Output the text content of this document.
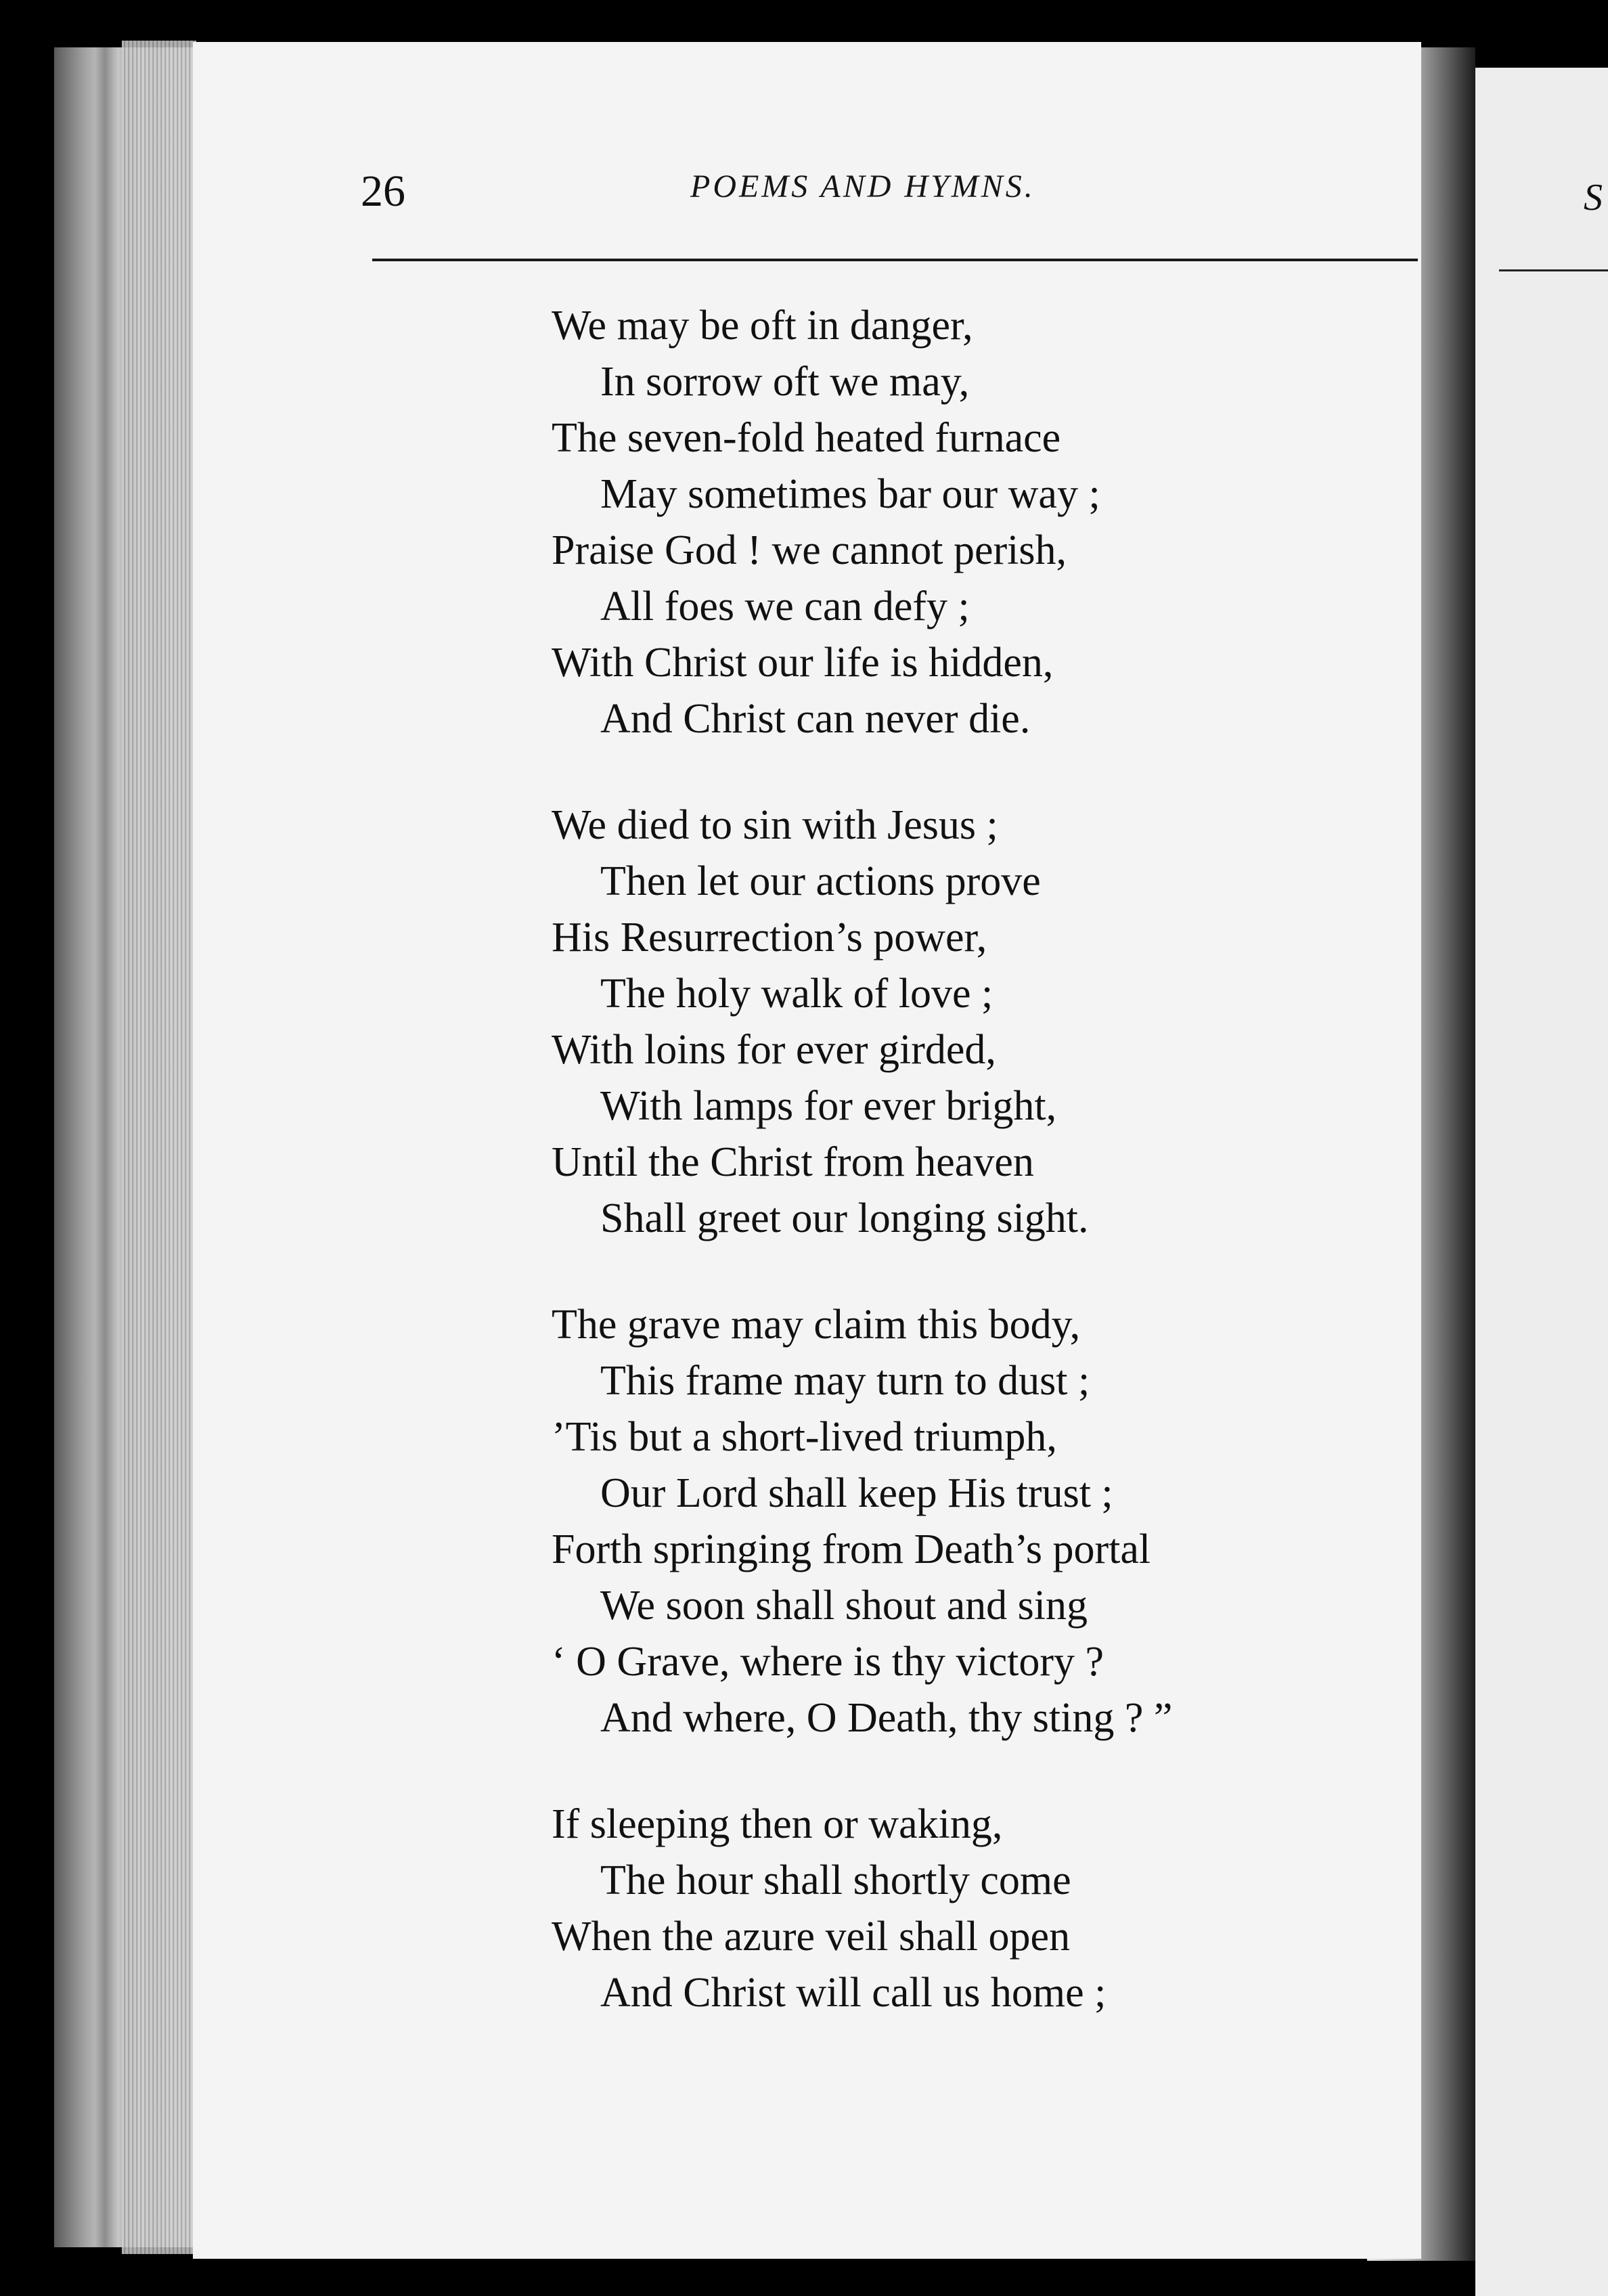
S
26	POEMS AND HYMNS.
We may be oft in danger,
In sorrow oft we may,
The seven-fold heated furnace
May sometimes bar our way ;
Praise God ! we cannot perish,
All foes we can defy ;
With Christ our life is hidden,
And Christ can never die.
We died to sin with Jesus ;
Then let our actions prove
His Resurrection’s power,
The holy walk of love ;
With loins for ever girded,
With lamps for ever bright,
Until the Christ from heaven
Shall greet our longing sight.
The grave may claim this body,
This frame may turn to dust ;
’Tis but a short-lived triumph,
Our Lord shall keep His trust ;
Forth springing from Death’s portal
We soon shall shout and sing
‘ O Grave, where is thy victory ?
And where, O Death, thy sting ? ”
If sleeping then or waking,
The hour shall shortly come
When the azure veil shall open
And Christ will call us home ;
